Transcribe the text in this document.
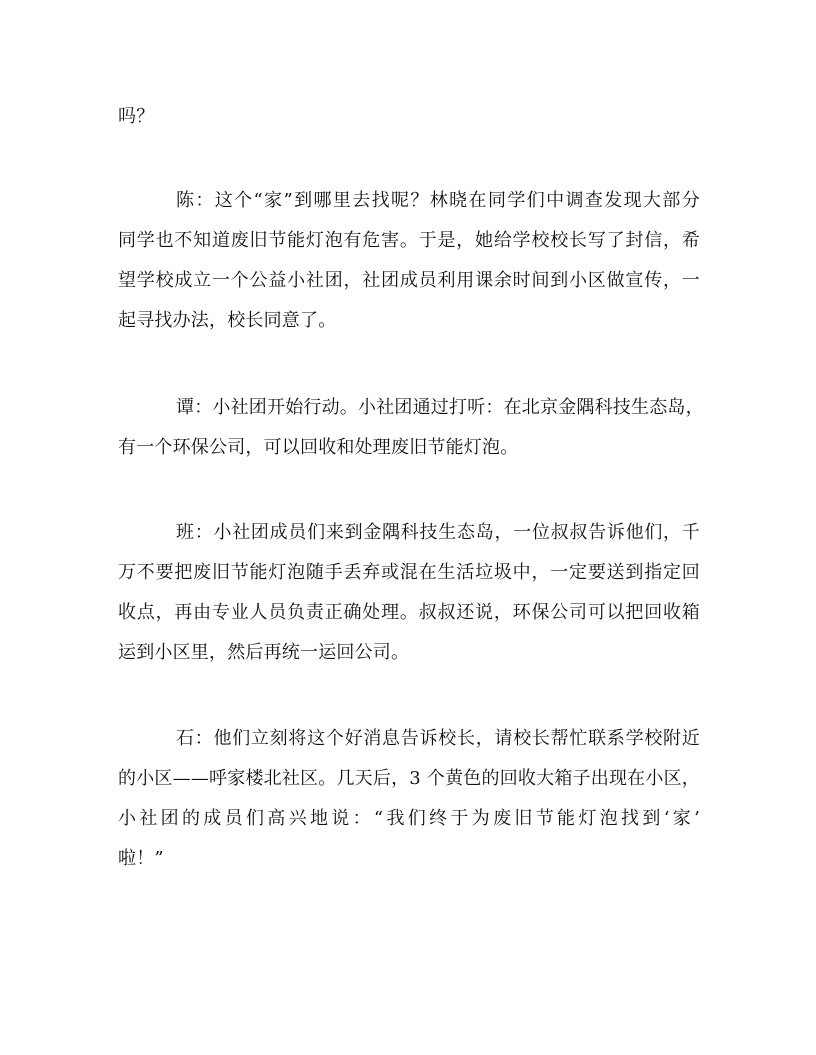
吗？
陈：这个“家”到哪里去找呢？林晓在同学们中调查发现大部分
同学也不知道废旧节能灯泡有危害。于是，她给学校校长写了封信，希
望学校成立一个公益小社团，社团成员利用课余时间到小区做宣传，一
起寻找办法，校长同意了。
谭：小社团开始行动。小社团通过打听：在北京金隅科技生态岛，
有一个环保公司，可以回收和处理废旧节能灯泡。
班：小社团成员们来到金隅科技生态岛，一位叔叔告诉他们，千
万不要把废旧节能灯泡随手丢弃或混在生活垃圾中，一定要送到指定回
收点，再由专业人员负责正确处理。叔叔还说，环保公司可以把回收箱
运到小区里，然后再统一运回公司。
石：他们立刻将这个好消息告诉校长，请校长帮忙联系学校附近
的小区——呼家楼北社区。几天后，3 个黄色的回收大箱子出现在小区，
小社团的成员们高兴地说：“我们终于为废旧节能灯泡找到‘家’
啦！”
